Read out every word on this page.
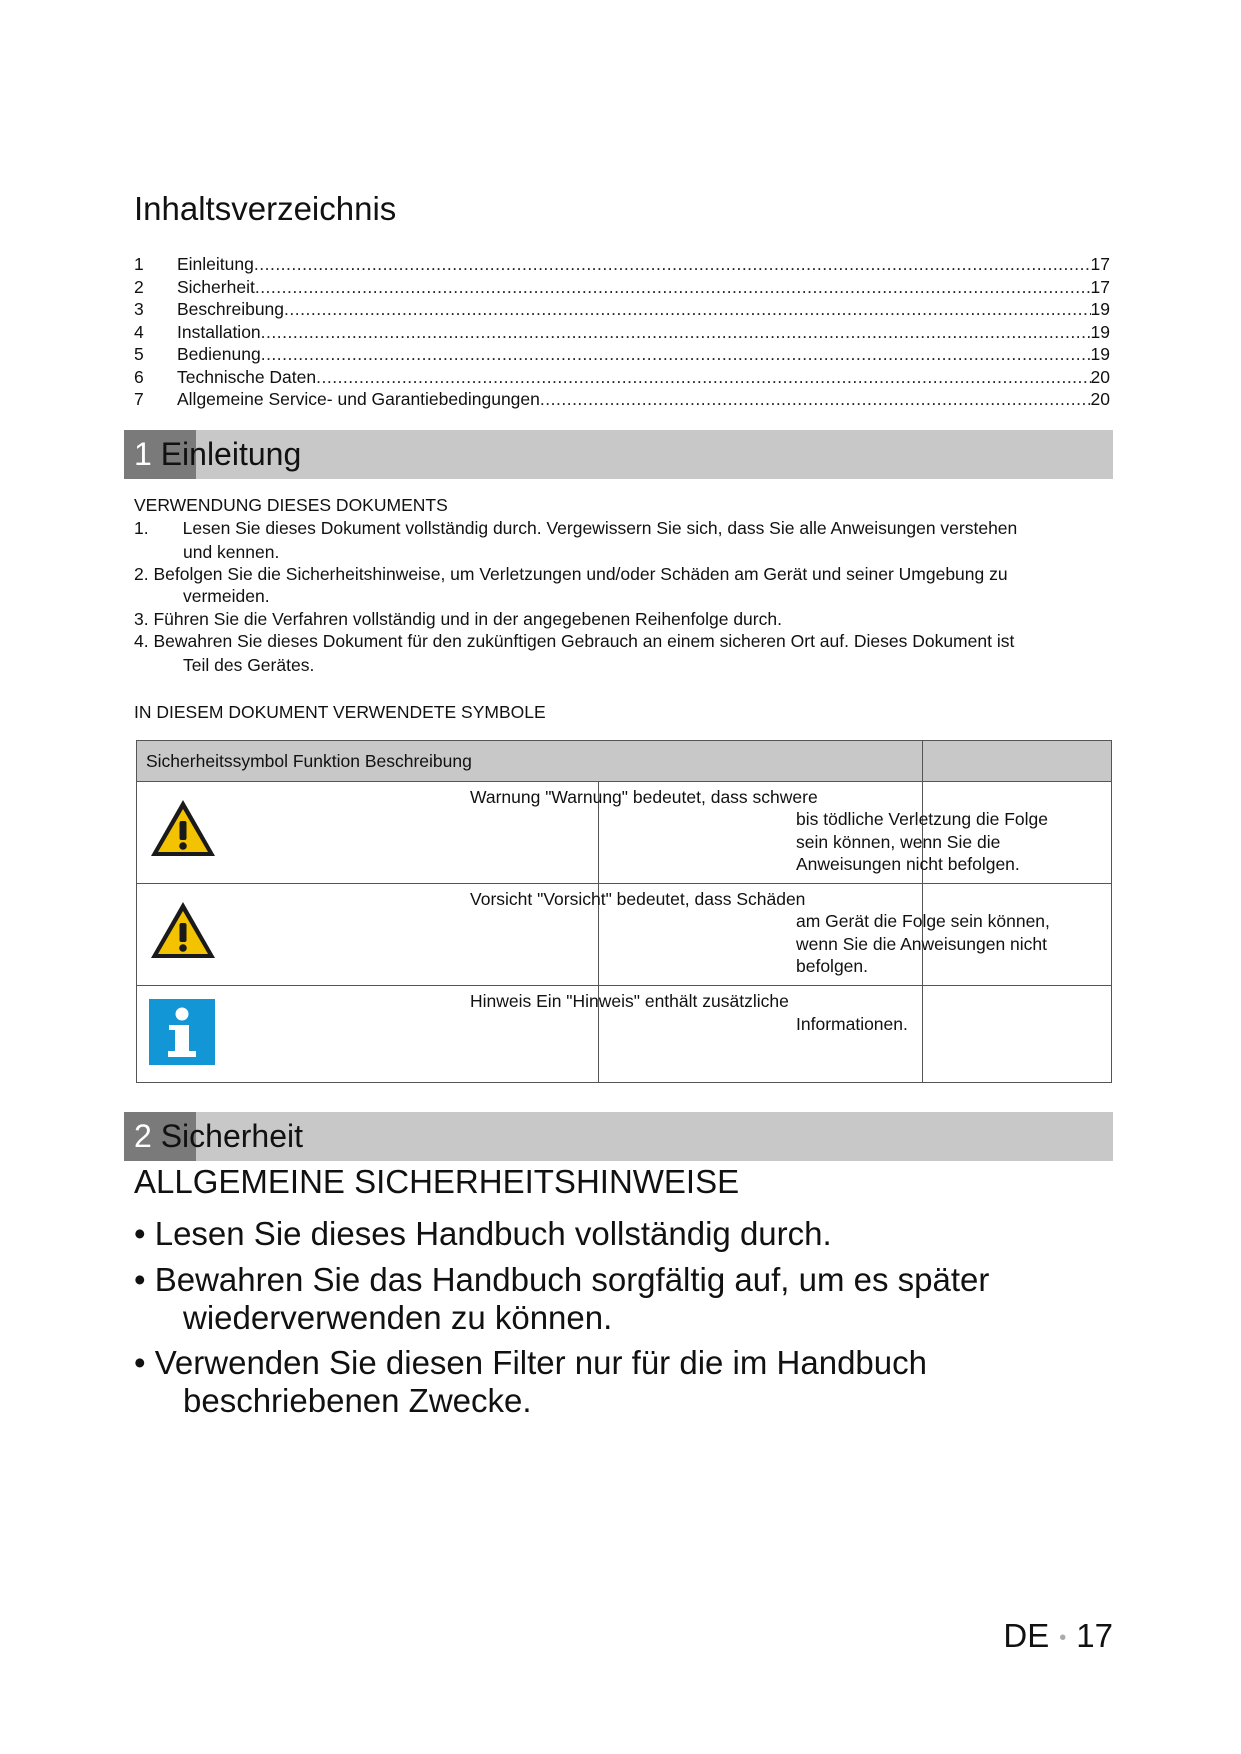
Inhaltsverzeichnis
1	Einleitung .....	17
2	Sicherheit .....	17
3	Beschreibung .....	19
4	Installation .....	19
5	Bedienung .....	19
6	Technische Daten .....	20
7	Allgemeine Service- und Garantiebedingungen .....	20
1 Einleitung
VERWENDUNG DIESES DOKUMENTS
1.       Lesen Sie dieses Dokument vollständig durch. Vergewissern Sie sich, dass Sie alle Anweisungen verstehen
und kennen.
2. Befolgen Sie die Sicherheitshinweise, um Verletzungen und/oder Schäden am Gerät und seiner Umgebung zu
vermeiden.
3. Führen Sie die Verfahren vollständig und in der angegebenen Reihenfolge durch.
4. Bewahren Sie dieses Dokument für den zukünftigen Gebrauch an einem sicheren Ort auf. Dieses Dokument ist
Teil des Gerätes.
IN DIESEM DOKUMENT VERWENDETE SYMBOLE
Sicherheitssymbol Funktion Beschreibung
Warnung "Warnung" bedeutet, dass schwere
bis tödliche Verletzung die Folge
sein können, wenn Sie die
Anweisungen nicht befolgen.
Vorsicht "Vorsicht" bedeutet, dass Schäden
am Gerät die Folge sein können,
wenn Sie die Anweisungen nicht
befolgen.
Hinweis Ein "Hinweis" enthält zusätzliche
Informationen.
2 Sicherheit
ALLGEMEINE SICHERHEITSHINWEISE
• Lesen Sie dieses Handbuch vollständig durch.
• Bewahren Sie das Handbuch sorgfältig auf, um es später
wiederverwenden zu können.
• Verwenden Sie diesen Filter nur für die im Handbuch
beschriebenen Zwecke.
DE • 17
